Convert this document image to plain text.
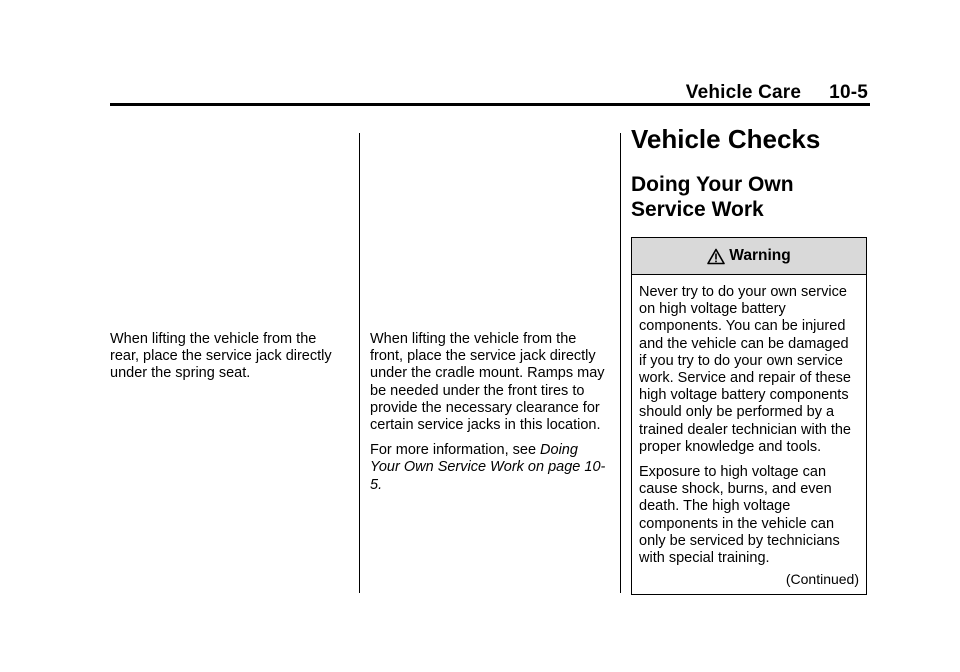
Vehicle Care 10-5

When lifting the vehicle from the rear, place the service jack directly under the spring seat.

When lifting the vehicle from the front, place the service jack directly under the cradle mount. Ramps may be needed under the front tires to provide the necessary clearance for certain service jacks in this location.

For more information, see Doing Your Own Service Work on page 10-5.

Vehicle Checks
Doing Your Own Service Work
Warning

Never try to do your own service on high voltage battery components. You can be injured and the vehicle can be damaged if you try to do your own service work. Service and repair of these high voltage battery components should only be performed by a trained dealer technician with the proper knowledge and tools.

Exposure to high voltage can cause shock, burns, and even death. The high voltage components in the vehicle can only be serviced by technicians with special training.

(Continued)
